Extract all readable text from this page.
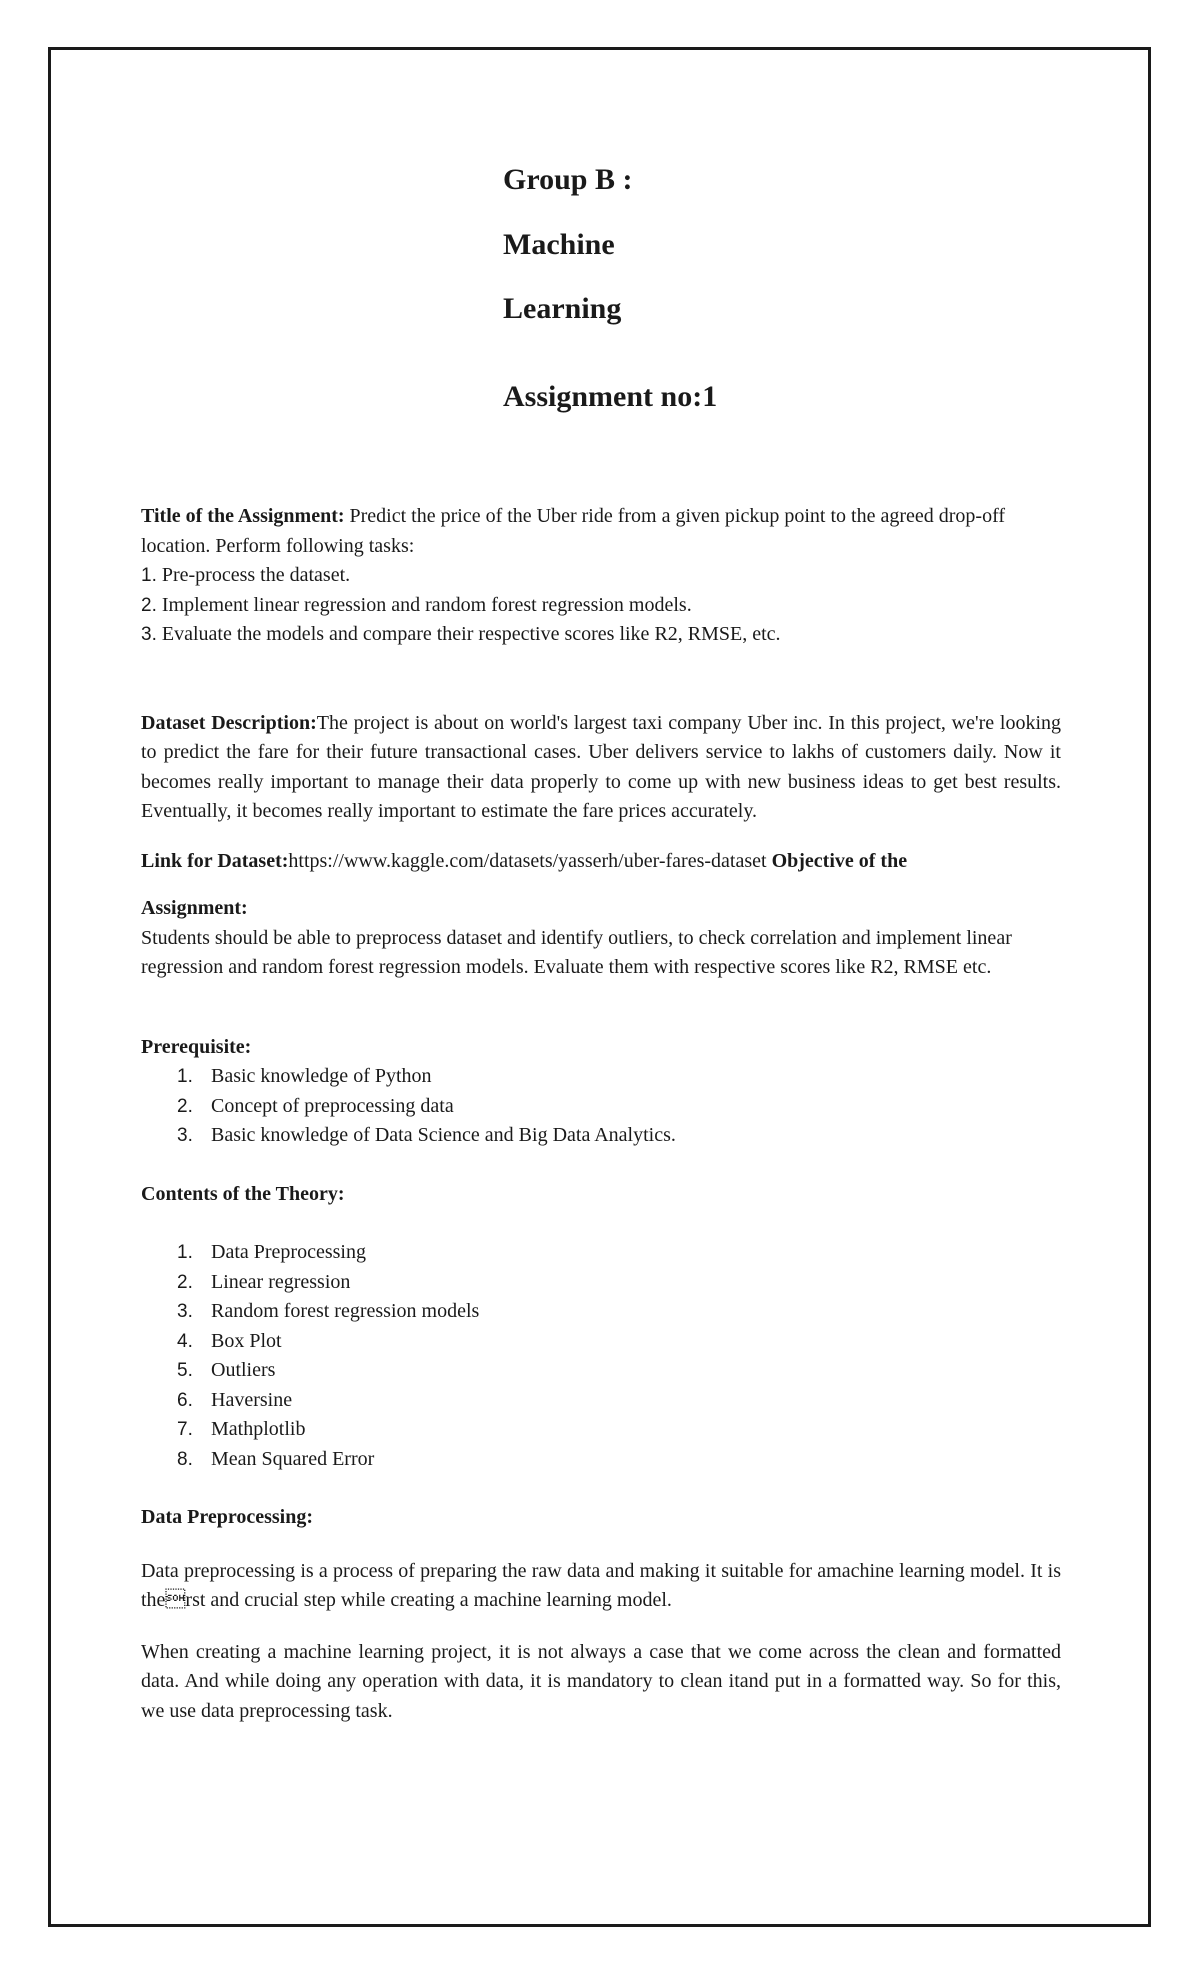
Group B :
Machine
Learning
Assignment no:1

Title of the Assignment: Predict the price of the Uber ride from a given pickup point to the agreed drop-off location. Perform following tasks:

1. Pre-process the dataset.

2. Implement linear regression and random forest regression models.

3. Evaluate the models and compare their respective scores like R2, RMSE, etc.

Dataset Description:The project is about on world's largest taxi company Uber inc. In this project, we're looking to predict the fare for their future transactional cases. Uber delivers service to lakhs of customers daily. Now it becomes really important to manage their data properly to come up with new business ideas to get best results. Eventually, it becomes really important to estimate the fare prices accurately.

Link for Dataset:https://www.kaggle.com/datasets/yasserh/uber-fares-dataset Objective of the

Assignment:

Students should be able to preprocess dataset and identify outliers, to check correlation and implement linear regression and random forest regression models. Evaluate them with respective scores like R2, RMSE etc.

Prerequisite:

1. Basic knowledge of Python
2. Concept of preprocessing data
3. Basic knowledge of Data Science and Big Data Analytics.

Contents of the Theory:

1. Data Preprocessing
2. Linear regression
3. Random forest regression models
4. Box Plot
5. Outliers
6. Haversine
7. Mathplotlib
8. Mean Squared Error

Data Preprocessing:

Data preprocessing is a process of preparing the raw data and making it suitable for amachine learning model. It is therst and crucial step while creating a machine learning model.

When creating a machine learning project, it is not always a case that we come across the clean and formatted data. And while doing any operation with data, it is mandatory to clean itand put in a formatted way. So for this, we use data preprocessing task.
